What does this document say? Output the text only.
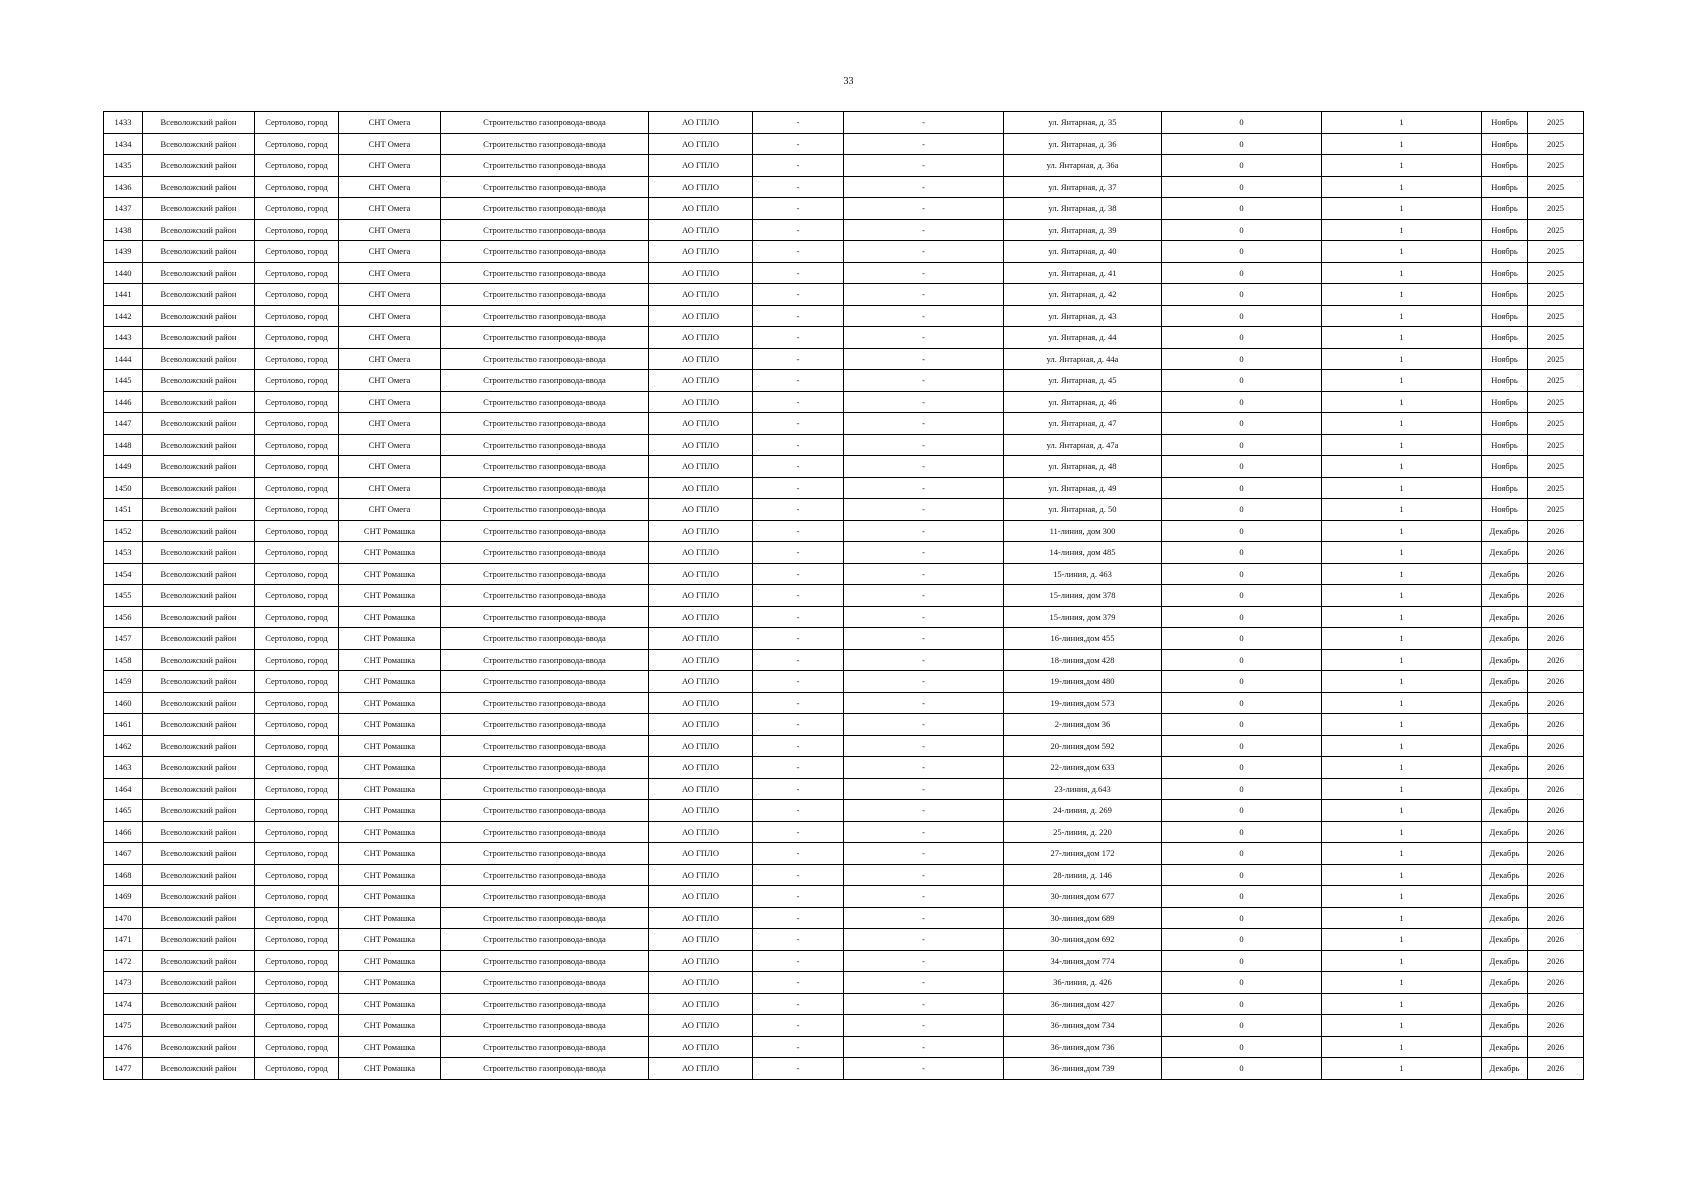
33
1433	Всеволожский район	Сертолово, город	СНТ Омега	Строительство газопровода-ввода	АО ГПЛО	-	-	ул. Янтарная, д. 35	0	1	Ноябрь	2025
1434	Всеволожский район	Сертолово, город	СНТ Омега	Строительство газопровода-ввода	АО ГПЛО	-	-	ул. Янтарная, д. 36	0	1	Ноябрь	2025
1435	Всеволожский район	Сертолово, город	СНТ Омега	Строительство газопровода-ввода	АО ГПЛО	-	-	ул. Янтарная, д. 36а	0	1	Ноябрь	2025
1436	Всеволожский район	Сертолово, город	СНТ Омега	Строительство газопровода-ввода	АО ГПЛО	-	-	ул. Янтарная, д. 37	0	1	Ноябрь	2025
1437	Всеволожский район	Сертолово, город	СНТ Омега	Строительство газопровода-ввода	АО ГПЛО	-	-	ул. Янтарная, д. 38	0	1	Ноябрь	2025
1438	Всеволожский район	Сертолово, город	СНТ Омега	Строительство газопровода-ввода	АО ГПЛО	-	-	ул. Янтарная, д. 39	0	1	Ноябрь	2025
1439	Всеволожский район	Сертолово, город	СНТ Омега	Строительство газопровода-ввода	АО ГПЛО	-	-	ул. Янтарная, д. 40	0	1	Ноябрь	2025
1440	Всеволожский район	Сертолово, город	СНТ Омега	Строительство газопровода-ввода	АО ГПЛО	-	-	ул. Янтарная, д. 41	0	1	Ноябрь	2025
1441	Всеволожский район	Сертолово, город	СНТ Омега	Строительство газопровода-ввода	АО ГПЛО	-	-	ул. Янтарная, д. 42	0	1	Ноябрь	2025
1442	Всеволожский район	Сертолово, город	СНТ Омега	Строительство газопровода-ввода	АО ГПЛО	-	-	ул. Янтарная, д. 43	0	1	Ноябрь	2025
1443	Всеволожский район	Сертолово, город	СНТ Омега	Строительство газопровода-ввода	АО ГПЛО	-	-	ул. Янтарная, д. 44	0	1	Ноябрь	2025
1444	Всеволожский район	Сертолово, город	СНТ Омега	Строительство газопровода-ввода	АО ГПЛО	-	-	ул. Янтарная, д. 44а	0	1	Ноябрь	2025
1445	Всеволожский район	Сертолово, город	СНТ Омега	Строительство газопровода-ввода	АО ГПЛО	-	-	ул. Янтарная, д. 45	0	1	Ноябрь	2025
1446	Всеволожский район	Сертолово, город	СНТ Омега	Строительство газопровода-ввода	АО ГПЛО	-	-	ул. Янтарная, д. 46	0	1	Ноябрь	2025
1447	Всеволожский район	Сертолово, город	СНТ Омега	Строительство газопровода-ввода	АО ГПЛО	-	-	ул. Янтарная, д. 47	0	1	Ноябрь	2025
1448	Всеволожский район	Сертолово, город	СНТ Омега	Строительство газопровода-ввода	АО ГПЛО	-	-	ул. Янтарная, д. 47а	0	1	Ноябрь	2025
1449	Всеволожский район	Сертолово, город	СНТ Омега	Строительство газопровода-ввода	АО ГПЛО	-	-	ул. Янтарная, д. 48	0	1	Ноябрь	2025
1450	Всеволожский район	Сертолово, город	СНТ Омега	Строительство газопровода-ввода	АО ГПЛО	-	-	ул. Янтарная, д. 49	0	1	Ноябрь	2025
1451	Всеволожский район	Сертолово, город	СНТ Омега	Строительство газопровода-ввода	АО ГПЛО	-	-	ул. Янтарная, д. 50	0	1	Ноябрь	2025
1452	Всеволожский район	Сертолово, город	СНТ Ромашка	Строительство газопровода-ввода	АО ГПЛО	-	-	11-линия, дом 300	0	1	Декабрь	2026
1453	Всеволожский район	Сертолово, город	СНТ Ромашка	Строительство газопровода-ввода	АО ГПЛО	-	-	14-линия, дом 485	0	1	Декабрь	2026
1454	Всеволожский район	Сертолово, город	СНТ Ромашка	Строительство газопровода-ввода	АО ГПЛО	-	-	15-линия, д. 463	0	1	Декабрь	2026
1455	Всеволожский район	Сертолово, город	СНТ Ромашка	Строительство газопровода-ввода	АО ГПЛО	-	-	15-линия, дом 378	0	1	Декабрь	2026
1456	Всеволожский район	Сертолово, город	СНТ Ромашка	Строительство газопровода-ввода	АО ГПЛО	-	-	15-линия, дом 379	0	1	Декабрь	2026
1457	Всеволожский район	Сертолово, город	СНТ Ромашка	Строительство газопровода-ввода	АО ГПЛО	-	-	16-линия,дом 455	0	1	Декабрь	2026
1458	Всеволожский район	Сертолово, город	СНТ Ромашка	Строительство газопровода-ввода	АО ГПЛО	-	-	18-линия,дом 428	0	1	Декабрь	2026
1459	Всеволожский район	Сертолово, город	СНТ Ромашка	Строительство газопровода-ввода	АО ГПЛО	-	-	19-линия,дом 480	0	1	Декабрь	2026
1460	Всеволожский район	Сертолово, город	СНТ Ромашка	Строительство газопровода-ввода	АО ГПЛО	-	-	19-линия,дом 573	0	1	Декабрь	2026
1461	Всеволожский район	Сертолово, город	СНТ Ромашка	Строительство газопровода-ввода	АО ГПЛО	-	-	2-линия,дом 36	0	1	Декабрь	2026
1462	Всеволожский район	Сертолово, город	СНТ Ромашка	Строительство газопровода-ввода	АО ГПЛО	-	-	20-линия,дом 592	0	1	Декабрь	2026
1463	Всеволожский район	Сертолово, город	СНТ Ромашка	Строительство газопровода-ввода	АО ГПЛО	-	-	22-линия,дом 633	0	1	Декабрь	2026
1464	Всеволожский район	Сертолово, город	СНТ Ромашка	Строительство газопровода-ввода	АО ГПЛО	-	-	23-линия, д.643	0	1	Декабрь	2026
1465	Всеволожский район	Сертолово, город	СНТ Ромашка	Строительство газопровода-ввода	АО ГПЛО	-	-	24-линия, д. 269	0	1	Декабрь	2026
1466	Всеволожский район	Сертолово, город	СНТ Ромашка	Строительство газопровода-ввода	АО ГПЛО	-	-	25-линия, д. 220	0	1	Декабрь	2026
1467	Всеволожский район	Сертолово, город	СНТ Ромашка	Строительство газопровода-ввода	АО ГПЛО	-	-	27-линия,дом 172	0	1	Декабрь	2026
1468	Всеволожский район	Сертолово, город	СНТ Ромашка	Строительство газопровода-ввода	АО ГПЛО	-	-	28-линия, д. 146	0	1	Декабрь	2026
1469	Всеволожский район	Сертолово, город	СНТ Ромашка	Строительство газопровода-ввода	АО ГПЛО	-	-	30-линия,дом 677	0	1	Декабрь	2026
1470	Всеволожский район	Сертолово, город	СНТ Ромашка	Строительство газопровода-ввода	АО ГПЛО	-	-	30-линия,дом 689	0	1	Декабрь	2026
1471	Всеволожский район	Сертолово, город	СНТ Ромашка	Строительство газопровода-ввода	АО ГПЛО	-	-	30-линия,дом 692	0	1	Декабрь	2026
1472	Всеволожский район	Сертолово, город	СНТ Ромашка	Строительство газопровода-ввода	АО ГПЛО	-	-	34-линия,дом 774	0	1	Декабрь	2026
1473	Всеволожский район	Сертолово, город	СНТ Ромашка	Строительство газопровода-ввода	АО ГПЛО	-	-	36-линия, д. 426	0	1	Декабрь	2026
1474	Всеволожский район	Сертолово, город	СНТ Ромашка	Строительство газопровода-ввода	АО ГПЛО	-	-	36-линия,дом 427	0	1	Декабрь	2026
1475	Всеволожский район	Сертолово, город	СНТ Ромашка	Строительство газопровода-ввода	АО ГПЛО	-	-	36-линия,дом 734	0	1	Декабрь	2026
1476	Всеволожский район	Сертолово, город	СНТ Ромашка	Строительство газопровода-ввода	АО ГПЛО	-	-	36-линия,дом 736	0	1	Декабрь	2026
1477	Всеволожский район	Сертолово, город	СНТ Ромашка	Строительство газопровода-ввода	АО ГПЛО	-	-	36-линия,дом 739	0	1	Декабрь	2026
